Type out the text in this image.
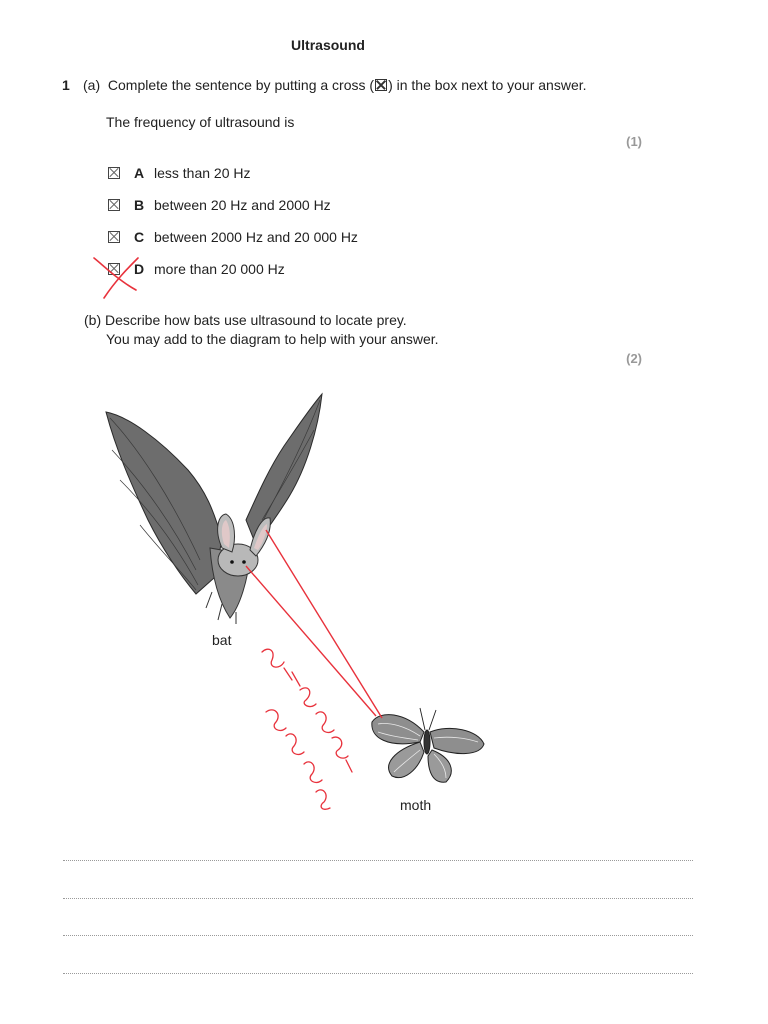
Ultrasound
1 (a) Complete the sentence by putting a cross (☒) in the box next to your answer.
The frequency of ultrasound is
(1)
A less than 20 Hz
B between 20 Hz and 2000 Hz
C between 2000 Hz and 20 000 Hz
D more than 20 000 Hz
(b) Describe how bats use ultrasound to locate prey.
You may add to the diagram to help with your answer.
(2)
bat
moth
